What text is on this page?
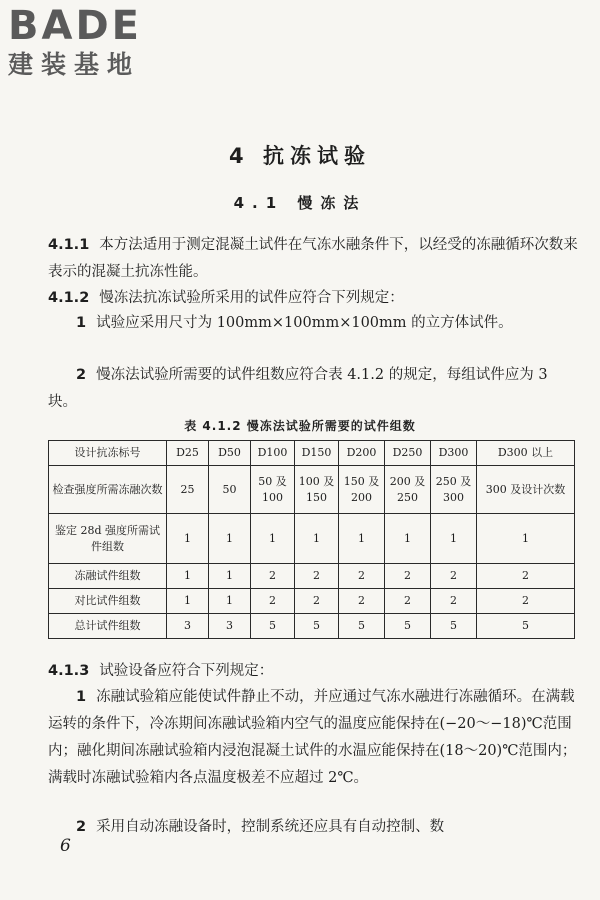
BADE
建装基地
4 抗冻试验
4.1 慢冻法
4.1.1 本方法适用于测定混凝土试件在气冻水融条件下，以经受的冻融循环次数来表示的混凝土抗冻性能。
4.1.2 慢冻法抗冻试验所采用的试件应符合下列规定：
1 试验应采用尺寸为 100mm×100mm×100mm 的立方体试件。
2 慢冻法试验所需要的试件组数应符合表 4.1.2 的规定，每组试件应为 3 块。
表 4.1.2 慢冻法试验所需要的试件组数
设计抗冻标号	D25	D50	D100	D150	D200	D250	D300	D300 以上
检查强度所需冻融次数	25	50	50 及 100	100 及 150	150 及 200	200 及 250	250 及 300	300 及设计次数
鉴定 28d 强度所需试件组数	1	1	1	1	1	1	1	1
冻融试件组数	1	1	2	2	2	2	2	2
对比试件组数	1	1	2	2	2	2	2	2
总计试件组数	3	3	5	5	5	5	5	5
4.1.3 试验设备应符合下列规定：
1 冻融试验箱应能使试件静止不动，并应通过气冻水融进行冻融循环。在满载运转的条件下，冷冻期间冻融试验箱内空气的温度应能保持在(−20～−18)℃范围内；融化期间冻融试验箱内浸泡混凝土试件的水温应能保持在(18～20)℃范围内；满载时冻融试验箱内各点温度极差不应超过 2℃。
2 采用自动冻融设备时，控制系统还应具有自动控制、数
6
